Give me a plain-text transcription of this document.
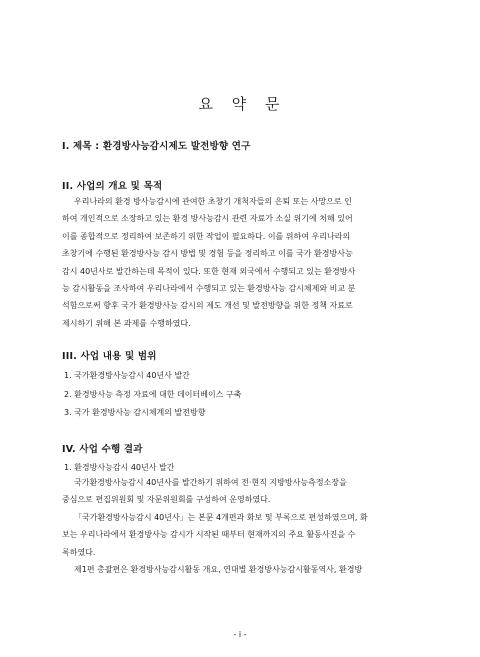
요 약 문
I. 제목 : 환경방사능감시제도 발전방향 연구
II. 사업의 개요 및 목적
우리나라의 환경 방사능감시에 관여한 초창기 개척자들의 은퇴 또는 사망으로 인
하여 개인적으로 소장하고 있는 환경 방사능감시 관련 자료가 소실 위기에 처해 있어
이를 종합적으로 정리하여 보존하기 위한 작업이 필요하다. 이를 위하여 우리나라의
초창기에 수행된 환경방사능 감시 방법 및 경험 등을 정리하고 이를 국가 환경방사능
감시 40년사로 발간하는데 목적이 있다. 또한 현재 외국에서 수행되고 있는 환경방사
능 감시활동을 조사하여 우리나라에서 수행되고 있는 환경방사능 감시체제와 비교 분
석함으로써 향후 국가 환경방사능 감시의 제도 개선 및 발전방향을 위한 정책 자료로
제시하기 위해 본 과제를 수행하였다.
III. 사업 내용 및 범위
1. 국가환경방사능감시 40년사 발간
2. 환경방사능 측정 자료에 대한 데이터베이스 구축
3. 국가 환경방사능 감시체계의 발전방향
IV. 사업 수행 결과
1. 환경방사능감시 40년사 발간
국가환경방사능감시 40년사를 발간하기 위하여 전·현직 지방방사능측정소장을
중심으로 편집위원회 및 자문위원회를 구성하여 운영하였다.
「국가환경방사능감시 40년사」는 본문 4개편과 화보 및 부록으로 편성하였으며, 화
보는 우리나라에서 환경방사능 감시가 시작된 때부터 현재까지의 주요 활동사진을 수
록하였다.
제1편 총괄편은 환경방사능감시활동 개요, 연대별 환경방사능감시활동역사, 환경방
- i -
